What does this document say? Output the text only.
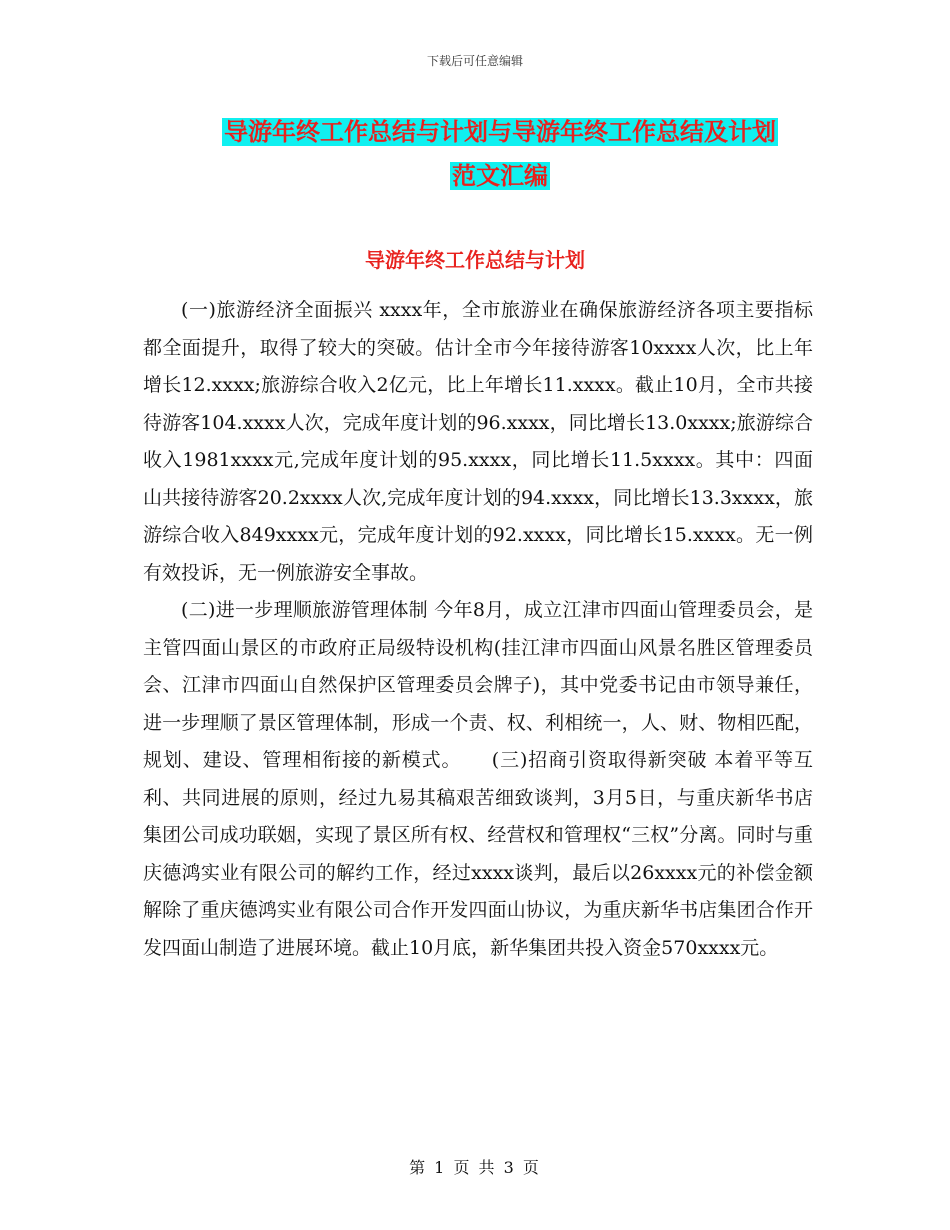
下载后可任意编辑
导游年终工作总结与计划与导游年终工作总结及计划
范文汇编
导游年终工作总结与计划

(一)旅游经济全面振兴 xxxx年，全市旅游业在确保旅游经济各项主要指标都全面提升，取得了较大的突破。估计全市今年接待游客10xxxx人次，比上年增长12.xxxx;旅游综合收入2亿元，比上年增长11.xxxx。截止10月，全市共接待游客104.xxxx人次，完成年度计划的96.xxxx，同比增长13.0xxxx;旅游综合收入1981xxxx元,完成年度计划的95.xxxx，同比增长11.5xxxx。其中：四面山共接待游客20.2xxxx人次,完成年度计划的94.xxxx，同比增长13.3xxxx，旅游综合收入849xxxx元，完成年度计划的92.xxxx，同比增长15.xxxx。无一例有效投诉，无一例旅游安全事故。

(二)进一步理顺旅游管理体制 今年8月，成立江津市四面山管理委员会，是主管四面山景区的市政府正局级特设机构(挂江津市四面山风景名胜区管理委员会、江津市四面山自然保护区管理委员会牌子)，其中党委书记由市领导兼任，进一步理顺了景区管理体制，形成一个责、权、利相统一，人、财、物相匹配，规划、建设、管理相衔接的新模式。　　(三)招商引资取得新突破 本着平等互利、共同进展的原则，经过九易其稿艰苦细致谈判，3月5日，与重庆新华书店集团公司成功联姻，实现了景区所有权、经营权和管理权“三权”分离。同时与重庆德鸿实业有限公司的解约工作，经过xxxx谈判，最后以26xxxx元的补偿金额解除了重庆德鸿实业有限公司合作开发四面山协议，为重庆新华书店集团合作开发四面山制造了进展环境。截止10月底，新华集团共投入资金570xxxx元。

第 1 页 共 3 页
